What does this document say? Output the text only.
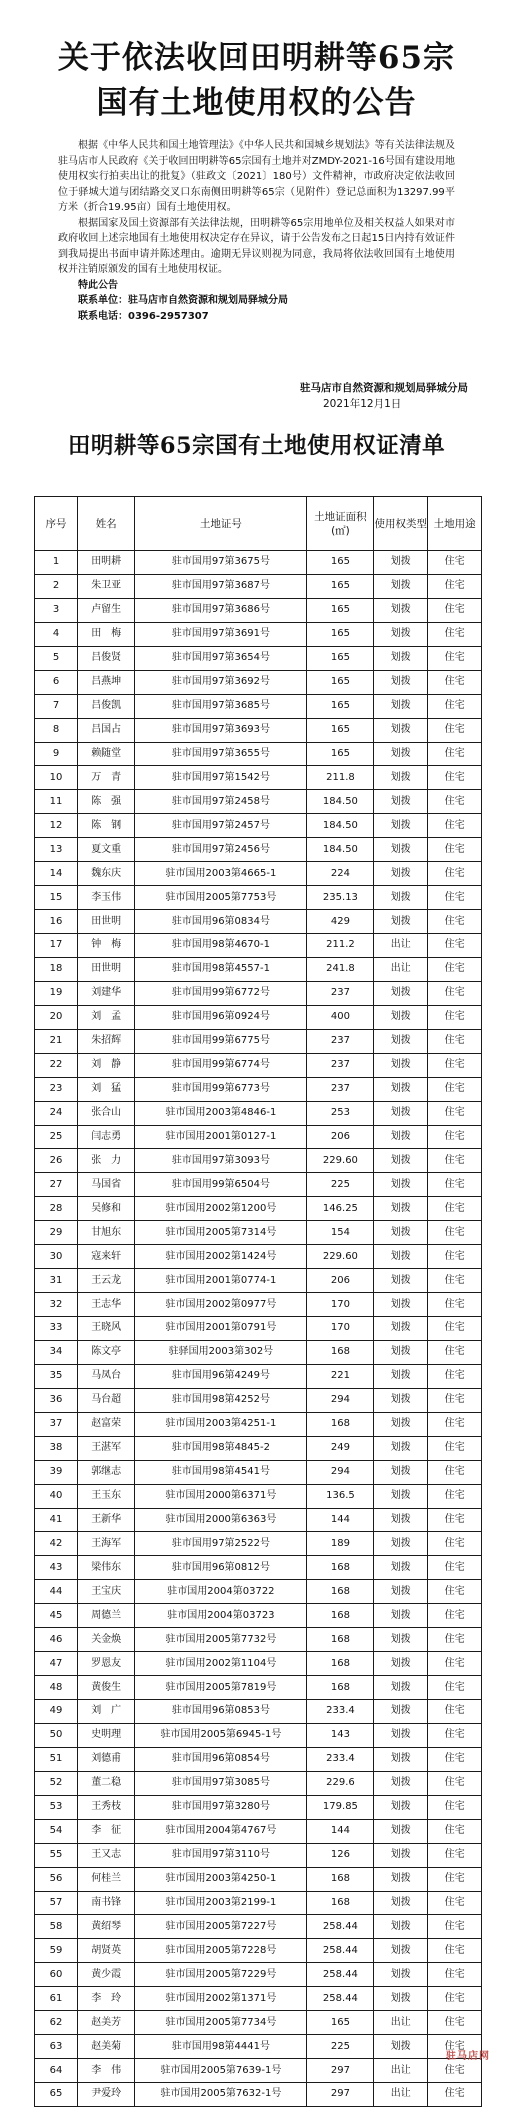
关于依法收回田明耕等65宗
国有土地使用权的公告

根据《中华人民共和国土地管理法》《中华人民共和国城乡规划法》等有关法律法规及驻马店市人民政府《关于收回田明耕等65宗国有土地并对ZMDY-2021-16号国有建设用地使用权实行拍卖出让的批复》（驻政文〔2021〕180号）文件精神，市政府决定依法收回位于驿城大道与团结路交叉口东南侧田明耕等65宗（见附件）登记总面积为13297.99平方米（折合19.95亩）国有土地使用权。

根据国家及国土资源部有关法律法规，田明耕等65宗用地单位及相关权益人如果对市政府收回上述宗地国有土地使用权决定存在异议，请于公告发布之日起15日内持有效证件到我局提出书面申请并陈述理由。逾期无异议则视为同意，我局将依法收回国有土地使用权并注销原颁发的国有土地使用权证。

特此公告

联系单位：驻马店市自然资源和规划局驿城分局

联系电话：0396-2957307

驻马店市自然资源和规划局驿城分局
2021年12月1日
田明耕等65宗国有土地使用权证清单
序号	姓名	土地证号	土地证面积(㎡)	使用权类型	土地用途
1	田明耕	驻市国用97第3675号	165	划拨	住宅
2	朱卫亚	驻市国用97第3687号	165	划拨	住宅
3	卢留生	驻市国用97第3686号	165	划拨	住宅
4	田　梅	驻市国用97第3691号	165	划拨	住宅
5	吕俊贤	驻市国用97第3654号	165	划拨	住宅
6	吕燕坤	驻市国用97第3692号	165	划拨	住宅
7	吕俊凯	驻市国用97第3685号	165	划拨	住宅
8	吕国占	驻市国用97第3693号	165	划拨	住宅
9	赖随堂	驻市国用97第3655号	165	划拨	住宅
10	万　青	驻市国用97第1542号	211.8	划拨	住宅
11	陈　强	驻市国用97第2458号	184.50	划拨	住宅
12	陈　钢	驻市国用97第2457号	184.50	划拨	住宅
13	夏文重	驻市国用97第2456号	184.50	划拨	住宅
14	魏东庆	驻市国用2003第4665-1	224	划拨	住宅
15	李玉伟	驻市国用2005第7753号	235.13	划拨	住宅
16	田世明	驻市国用96第0834号	429	划拨	住宅
17	钟　梅	驻市国用98第4670-1	211.2	出让	住宅
18	田世明	驻市国用98第4557-1	241.8	出让	住宅
19	刘建华	驻市国用99第6772号	237	划拨	住宅
20	刘　孟	驻市国用96第0924号	400	划拨	住宅
21	朱招辉	驻市国用99第6775号	237	划拨	住宅
22	刘　静	驻市国用99第6774号	237	划拨	住宅
23	刘　猛	驻市国用99第6773号	237	划拨	住宅
24	张合山	驻市国用2003第4846-1	253	划拨	住宅
25	闫志勇	驻市国用2001第0127-1	206	划拨	住宅
26	张　力	驻市国用97第3093号	229.60	划拨	住宅
27	马国省	驻市国用99第6504号	225	划拨	住宅
28	吴修和	驻市国用2002第1200号	146.25	划拨	住宅
29	甘旭东	驻市国用2005第7314号	154	划拨	住宅
30	寇来轩	驻市国用2002第1424号	229.60	划拨	住宅
31	王云龙	驻市国用2001第0774-1	206	划拨	住宅
32	王志华	驻市国用2002第0977号	170	划拨	住宅
33	王晓风	驻市国用2001第0791号	170	划拨	住宅
34	陈文亭	驻驿国用2003第302号	168	划拨	住宅
35	马凤台	驻市国用96第4249号	221	划拨	住宅
36	马台超	驻市国用98第4252号	294	划拨	住宅
37	赵富荣	驻市国用2003第4251-1	168	划拨	住宅
38	王湛军	驻市国用98第4845-2	249	划拨	住宅
39	郭继志	驻市国用98第4541号	294	划拨	住宅
40	王玉东	驻市国用2000第6371号	136.5	划拨	住宅
41	王新华	驻市国用2000第6363号	144	划拨	住宅
42	王海军	驻市国用97第2522号	189	划拨	住宅
43	梁伟东	驻市国用96第0812号	168	划拨	住宅
44	王宝庆	驻市国用2004第03722	168	划拨	住宅
45	周德兰	驻市国用2004第03723	168	划拨	住宅
46	关金焕	驻市国用2005第7732号	168	划拨	住宅
47	罗恩友	驻市国用2002第1104号	168	划拨	住宅
48	黄俊生	驻市国用2005第7819号	168	划拨	住宅
49	刘　广	驻市国用96第0853号	233.4	划拨	住宅
50	史明理	驻市国用2005第6945-1号	143	划拨	住宅
51	刘德甫	驻市国用96第0854号	233.4	划拨	住宅
52	董二稳	驻市国用97第3085号	229.6	划拨	住宅
53	王秀枝	驻市国用97第3280号	179.85	划拨	住宅
54	李　征	驻市国用2004第4767号	144	划拨	住宅
55	王又志	驻市国用97第3110号	126	划拨	住宅
56	何桂兰	驻市国用2003第4250-1	168	划拨	住宅
57	南书锋	驻市国用2003第2199-1	168	划拨	住宅
58	黄绍琴	驻市国用2005第7227号	258.44	划拨	住宅
59	胡贤英	驻市国用2005第7228号	258.44	划拨	住宅
60	黄少霞	驻市国用2005第7229号	258.44	划拨	住宅
61	李　玲	驻市国用2002第1371号	258.44	划拨	住宅
62	赵美芳	驻市国用2005第7734号	165	出让	住宅
63	赵美菊	驻市国用98第4441号	225	划拨	住宅
64	李　伟	驻市国用2005第7639-1号	297	出让	住宅
65	尹爱玲	驻市国用2005第7632-1号	297	出让	住宅
驻马店网
